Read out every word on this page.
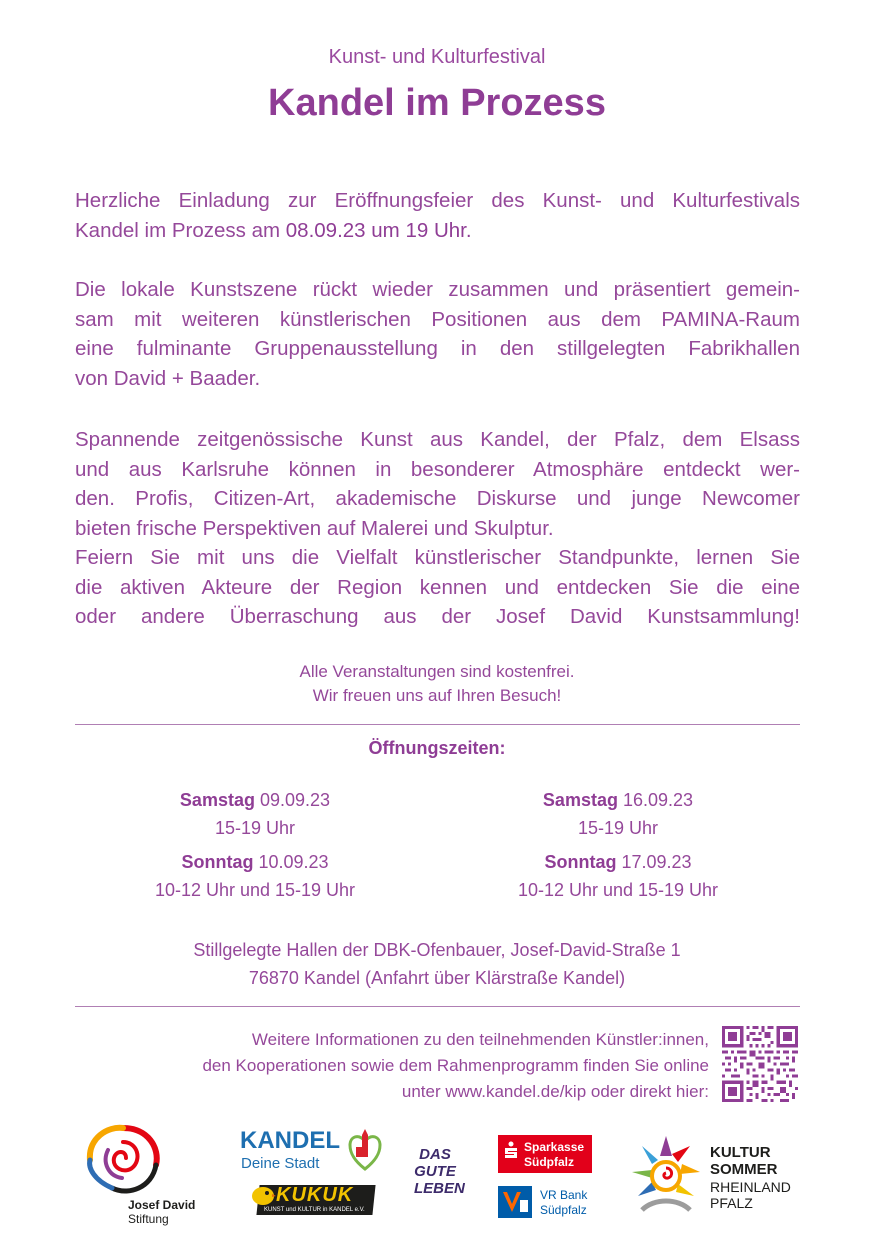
Kunst- und Kulturfestival
Kandel im Prozess
Herzliche Einladung zur Eröffnungsfeier des Kunst- und Kulturfestivals
Kandel im Prozess am 08.09.23 um 19 Uhr.
Die lokale Kunstszene rückt wieder zusammen und präsentiert gemein-
sam mit weiteren künstlerischen Positionen aus dem PAMINA-Raum
eine fulminante Gruppenausstellung in den stillgelegten Fabrikhallen
von David + Baader.
Spannende zeitgenössische Kunst aus Kandel, der Pfalz, dem Elsass
und aus Karlsruhe können in besonderer Atmosphäre entdeckt wer-
den. Profis, Citizen-Art, akademische Diskurse und junge Newcomer
bieten frische Perspektiven auf Malerei und Skulptur.
Feiern Sie mit uns die Vielfalt künstlerischer Standpunkte, lernen Sie
die aktiven Akteure der Region kennen und entdecken Sie die eine
oder andere Überraschung aus der Josef David Kunstsammlung!
Alle Veranstaltungen sind kostenfrei.
Wir freuen uns auf Ihren Besuch!
Öffnungszeiten:
Samstag 09.09.23
15-19 Uhr
Sonntag 10.09.23
10-12 Uhr und 15-19 Uhr
Samstag 16.09.23
15-19 Uhr
Sonntag 17.09.23
10-12 Uhr und 15-19 Uhr
Stillgelegte Hallen der DBK-Ofenbauer, Josef-David-Straße 1
76870 Kandel (Anfahrt über Klärstraße Kandel)
Weitere Informationen zu den teilnehmenden Künstler:innen,
den Kooperationen sowie dem Rahmenprogramm finden Sie online
unter www.kandel.de/kip oder direkt hier:
Josef David
Stiftung
KANDEL
Deine Stadt
KUKUK
KUNST und KULTUR in KANDEL e.V.
DAS
GUTE
LEBEN
Sparkasse
Südpfalz
VR Bank
Südpfalz
KULTUR
SOMMER
RHEINLAND
PFALZ
